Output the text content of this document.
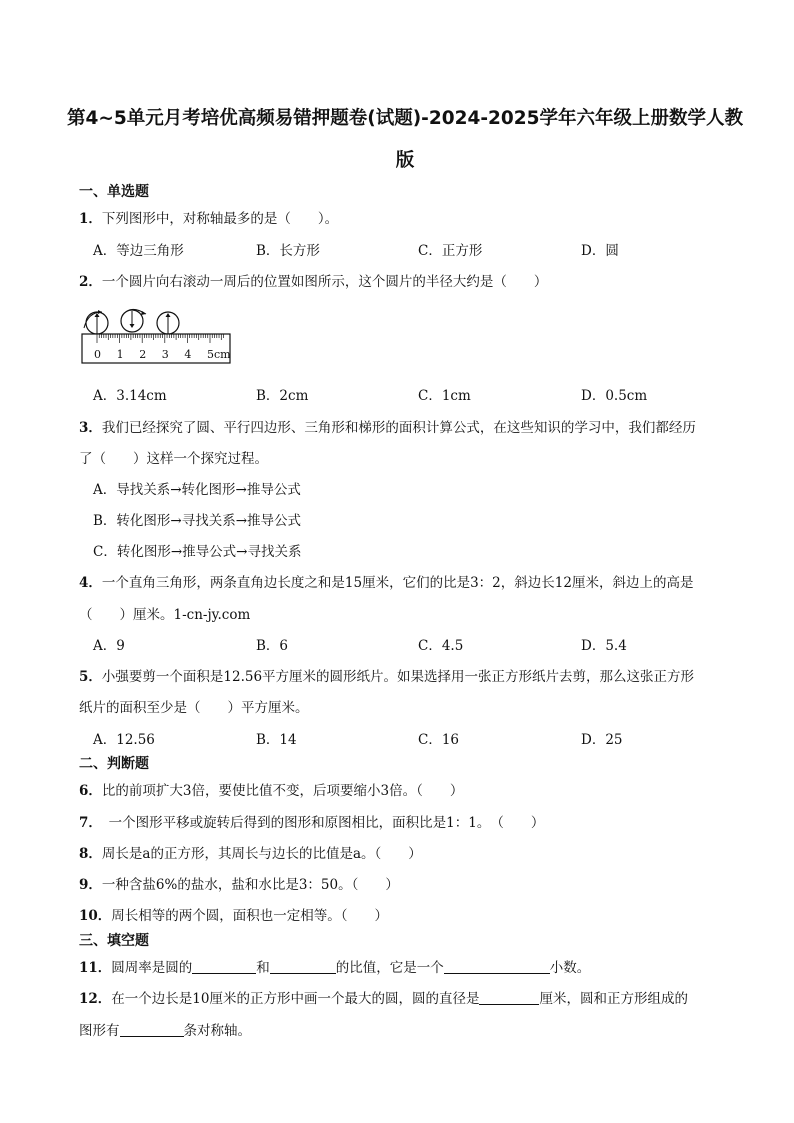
第4~5单元月考培优高频易错押题卷(试题)-2024-2025学年六年级上册数学人教
版
一、单选题
1．下列图形中，对称轴最多的是（　　）。
A．等边三角形	B．长方形	C．正方形	D．圆
2．一个圆片向右滚动一周后的位置如图所示，这个圆片的半径大约是（　　）
0 1 2 3 4 5cm
A．3.14cm	B．2cm	C．1cm	D．0.5cm
3．我们已经探究了圆、平行四边形、三角形和梯形的面积计算公式，在这些知识的学习中，我们都经历
了（　　）这样一个探究过程。
A．导找关系→转化图形→推导公式
B．转化图形→寻找关系→推导公式
C．转化图形→推导公式→寻找关系
4．一个直角三角形，两条直角边长度之和是15厘米，它们的比是3：2，斜边长12厘米，斜边上的高是
（　　）厘米。1-cn-jy.com
A．9	B．6	C．4.5	D．5.4
5．小强要剪一个面积是12.56平方厘米的圆形纸片。如果选择用一张正方形纸片去剪，那么这张正方形
纸片的面积至少是（　　）平方厘米。
A．12.56	B．14	C．16	D．25
二、判断题
6．比的前项扩大3倍，要使比值不变，后项要缩小3倍。（　　）
7．　一个图形平移或旋转后得到的图形和原图相比，面积比是1：1。　（　　）
8．周长是a的正方形，其周长与边长的比值是a。（　　）
9．一种含盐6%的盐水，盐和水比是3：50。（　　）
10．周长相等的两个圆，面积也一定相等。（　　）
三、填空题
11．圆周率是圆的	和	的比值，它是一个	小数。
12．在一个边长是10厘米的正方形中画一个最大的圆，圆的直径是	厘米，圆和正方形组成的
图形有	条对称轴。
